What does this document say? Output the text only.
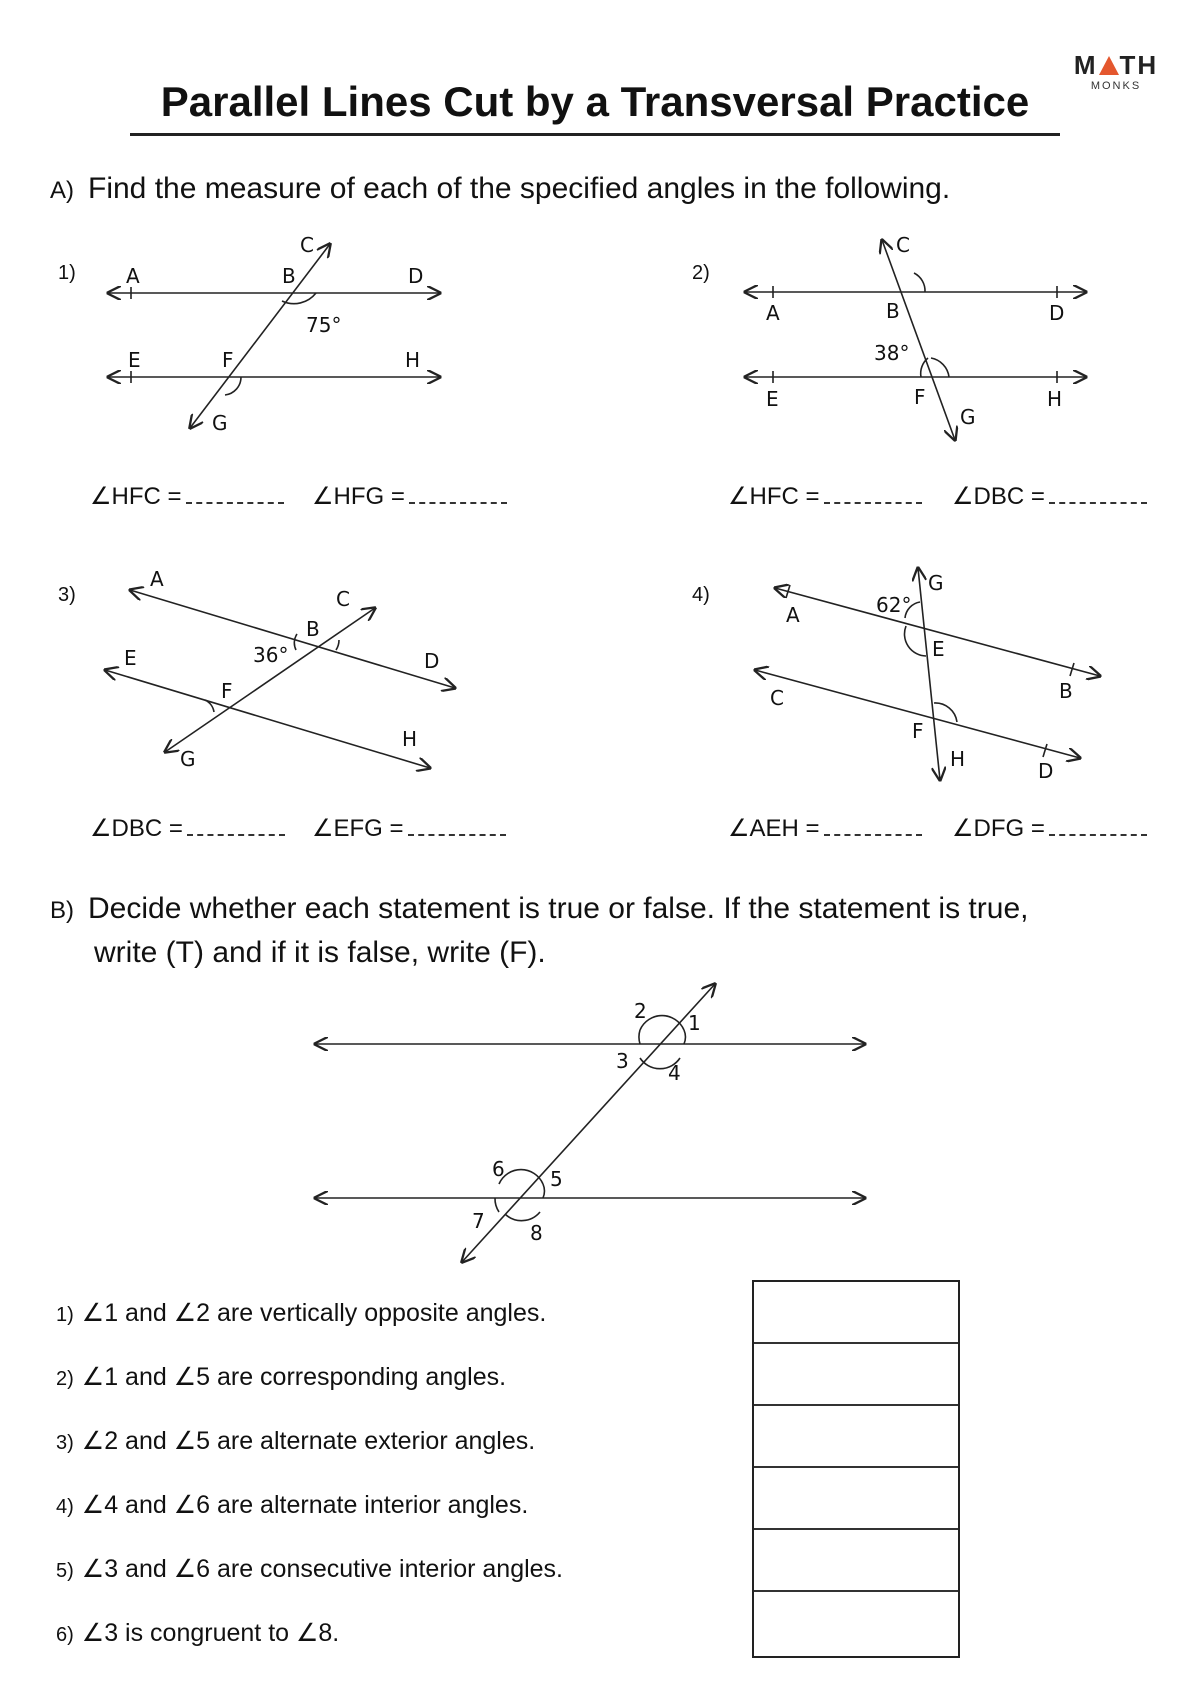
M TH
MONKS
Parallel Lines Cut by a Transversal Practice
A) Find the measure of each of the specified angles in the following.
1)	2)
3)	4)
A	B
C
D
E	F
G
H
75°	A	B
C
D
E	F
G
H
38°
A
B
C
D
E
F
G
H
36°
A
B
C
D
E
F
G
H
62°
1
2
3 4
5
6
7 8
∠HFC =	∠HFG =	∠HFC =	∠DBC =
∠DBC =	∠EFG =	∠AEH =	∠DFG =
B) Decide whether each statement is true or false. If the statement is true,
write (T) and if it is false, write (F).
1) ∠1 and ∠2 are vertically opposite angles.
2) ∠1 and ∠5 are corresponding angles.
3) ∠2 and ∠5 are alternate exterior angles.
4) ∠4 and ∠6 are alternate interior angles.
5) ∠3 and ∠6 are consecutive interior angles.
6) ∠3 is congruent to ∠8.
